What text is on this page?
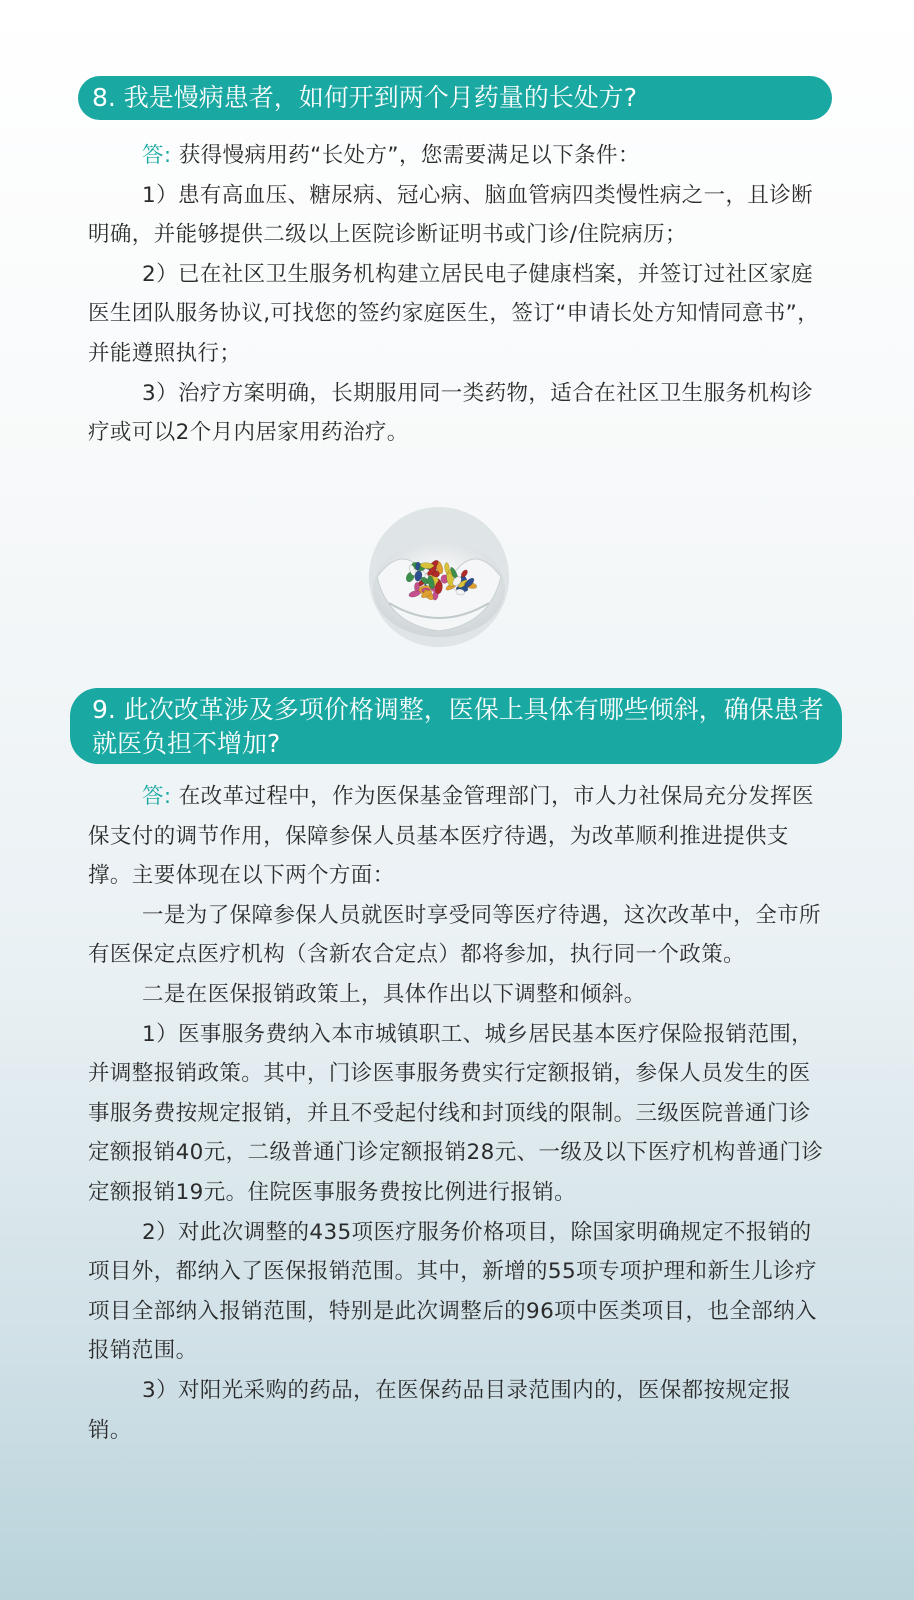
8. 我是慢病患者，如何开到两个月药量的长处方?

答: 获得慢病用药“长处方”，您需要满足以下条件：

1）患有高血压、糖尿病、冠心病、脑血管病四类慢性病之一，且诊断明确，并能够提供二级以上医院诊断证明书或门诊/住院病历；

2）已在社区卫生服务机构建立居民电子健康档案，并签订过社区家庭医生团队服务协议,可找您的签约家庭医生，签订“申请长处方知情同意书”，并能遵照执行；

3）治疗方案明确，长期服用同一类药物，适合在社区卫生服务机构诊疗或可以2个月内居家用药治疗。

9. 此次改革涉及多项价格调整，医保上具体有哪些倾斜，确保患者就医负担不增加?

答: 在改革过程中，作为医保基金管理部门，市人力社保局充分发挥医保支付的调节作用，保障参保人员基本医疗待遇，为改革顺利推进提供支撑。主要体现在以下两个方面：

一是为了保障参保人员就医时享受同等医疗待遇，这次改革中，全市所有医保定点医疗机构（含新农合定点）都将参加，执行同一个政策。

二是在医保报销政策上，具体作出以下调整和倾斜。

1）医事服务费纳入本市城镇职工、城乡居民基本医疗保险报销范围，并调整报销政策。其中，门诊医事服务费实行定额报销，参保人员发生的医事服务费按规定报销，并且不受起付线和封顶线的限制。三级医院普通门诊定额报销40元，二级普通门诊定额报销28元、一级及以下医疗机构普通门诊定额报销19元。住院医事服务费按比例进行报销。

2）对此次调整的435项医疗服务价格项目，除国家明确规定不报销的项目外，都纳入了医保报销范围。其中，新增的55项专项护理和新生儿诊疗项目全部纳入报销范围，特别是此次调整后的96项中医类项目，也全部纳入报销范围。

3）对阳光采购的药品，在医保药品目录范围内的，医保都按规定报销。
